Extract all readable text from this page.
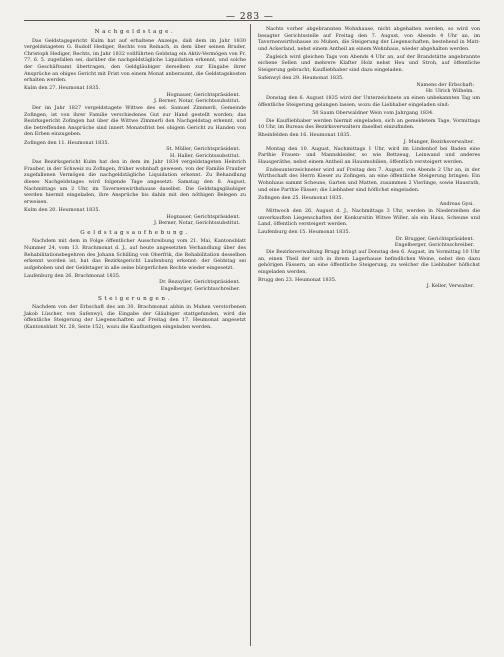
— 283 —
Nachgeldstage.

Das Geldstagsgericht Kulm hat auf erhaltene Anzeige, daß dem im Jahr 1830 vergeldstageten G. Rudolf Hediger, Rechts von Reinach, in dem über seinen Bruder, Christoph Hediger, Rechts, im Jahr 1832 vollführten Geldstag ein Aktiv-Vermögen von Fr. 77. 6. 5. zugefallen sei, darüber die nachgeldstägliche Liquidation erkennt, und solche der Geschäftsamt übertragen, den Geldgläubiger derselben zur Eingabe ihrer Ansprüche an obiges Gericht mit Frist von einem Monat anberaumt, die Geldstagskosten erhalten werden.

Kulm den 27. Heumonat 1835.
Hognauer, Gerichtspräsident.
J. Berner, Notar, Gerichtssubstitut.

Der im Jahr 1827 vergeldstagete Wittwe des sel. Samuel Zimmerli, Gemeinde Zofingen, ist von ihrer Familie verschiedenes Gut zur Hand gestellt worden; das Bezirksgericht Zofingen hat über die Wittwe Zimmerli den Nachgeldstag erkennt, und die betreffenden Ansprüche sind innert Monatsfrist bei obigem Gericht zu Handen von den Erben einzugeben.

Zofingen den 11. Heumonat 1835.
St. Müller, Gerichtspräsident.
H. Haller, Gerichtssubstitut.

Das Bezirksgericht Kulm hat den in dem im Jahr 1834 vergeldstageten Heinrich Frauber, in der Schweiz zu Zofingen, früher wohnhaft gewesen, von der Familie Frauber zugefallenen Vermögen die nachgeldstägliche Liquidation erkennt. Zu Behandlung dieses Nachgeldstages wird folgende Tage angesetzt: Samstag den 8. August, Nachmittags um 2 Uhr, im Tavernenwirthshause daselbst. Die Geldstagsgläubiger werden hiermit eingeladen, ihre Ansprüche bis dahin mit den nöthigen Belegen zu erweisen.

Kulm den 20. Heumonat 1835.
Hognauer, Gerichtspräsident.
J. Berner, Notar, Gerichtssubstitut.
Geldstagsaufhebung.

Nachdem mit dem in Folge öffentlicher Ausschreibung vom 21. Mai, Kantonsblatt Nummer 24, vom 13. Brachmonat d. J., auf heute angesetzten Verhandlung über des Rehabilitationsbegehren des Johann Schilling von Oberfrik, die Rehabilitation desselben erkennt worden ist, hat das Bezirksgericht Laufenburg erkennt: der Geldstag sei aufgehoben und der Geldstager in alle seine bürgerlichen Rechte wieder eingesetzt.

Laufenburg den 26. Brachmonat 1835.
Dr. Rezayiler, Gerichtspräsident.
Engelberger, Gerichtsschreiber.
Steigerungen.

Nachdem von der Erbschaft des am 30. Brachmonat abhin in Muhen verstorbenen Jakob Lüscher, von Safenwyl, die Eingabe der Gläubiger stattgefunden, wird die öffentliche Steigerung der Liegenschaften auf Freitag den 17. Heumonat angesetzt (Kantonsblatt Nr. 28, Seite 152), wozu die Kauflustigen eingeladen werden.

Nachts vorher abgebrannten Wohnhause, nicht abgehalten werden, so wird von besagter Gerichtsstelle auf Freitag den 7. August, von Abends 4 Uhr an, im Tavernenwirthshause zu Muhen, die Steigerung der Liegenschaften, bestehend in Matt- und Ackerland, nebst einem Antheil an einem Wohnhaus, wieder abgehalten werden.

Zugleich wird gleichen Tags von Abends 4 Uhr an, auf der Brandstätte angebrannte eichene Sellen und mehrere Klafter Holz nebst Heu und Stroh, auf öffentliche Steigerung gebracht; Kaufliebhaber sind dazu eingeladen.

Safenwyl den 29. Heumonat 1835.
Namens der Erbschaft:
Hr. Ulrich Wilhelm.

Donstag den 6. August 1835 wird der Unterzeichnete an einen unbekannten Tag um öffentliche Steigerung gelangen lassen, wozu die Liebhaber eingeladen sind:

50 Saum Oberwaldner Wein vom Jahrgang 1834.

Die Kaufliebhaber werden hiermit eingeladen, sich an gemeldetem Tage, Vormittags 10 Uhr, im Bureau des Bezirksverwalters daselbst einzufinden.

Rheinfelden den 16. Heumonat 1835.
J. Munger, Bezirksverwalter.

Montag den 10. August, Nachmittags 1 Uhr, wird im Lindenhof bei Baden eine Parthie Frauen- und Mannskleider, so wie Bettzeug, Leinwand und anderes Hausgeräthe, nebst einem Antheil an Hausmobilien, öffentlich versteigert werden.

Endesunterzeichneter wird auf Freitag den 7. August, von Abends 2 Uhr an, in der Wirthschaft des Herrn Kieser zu Zofingen, an eine öffentliche Steigerung bringen: Ein Wohnhaus sammt Scheune, Garten und Matten, zusammen 2 Vierlinge, sowie Hausrath, und eine Parthie Fässer; die Liebhaber sind höflichst eingeladen.

Zofingen den 25. Heumonat 1835.
Andreas Gysi.

Mittwoch den 26. August d. J., Nachmittags 3 Uhr, werden in Niederzeihen die unverkauften Liegenschaften der Konkursitin Witwe Willer, als ein Haus, Scheune und Land, öffentlich versteigert werden.

Laufenburg den 15. Heumonat 1835.
Dr. Brugger, Gerichtspräsident.
Engelberger, Gerichtsschreiber.

Die Bezirksverwaltung Brugg bringt auf Donstag den 6. August, im Vormittag 10 Uhr an, einen Theil der sich in ihrem Lagerhause befindlichen Weine, nebst den dazu gehörigen Fässern, an eine öffentliche Steigerung, zu welcher die Liebhaber höflichst eingeladen werden.

Brugg den 23. Heumonat 1835.
J. Keller, Verwalter.
